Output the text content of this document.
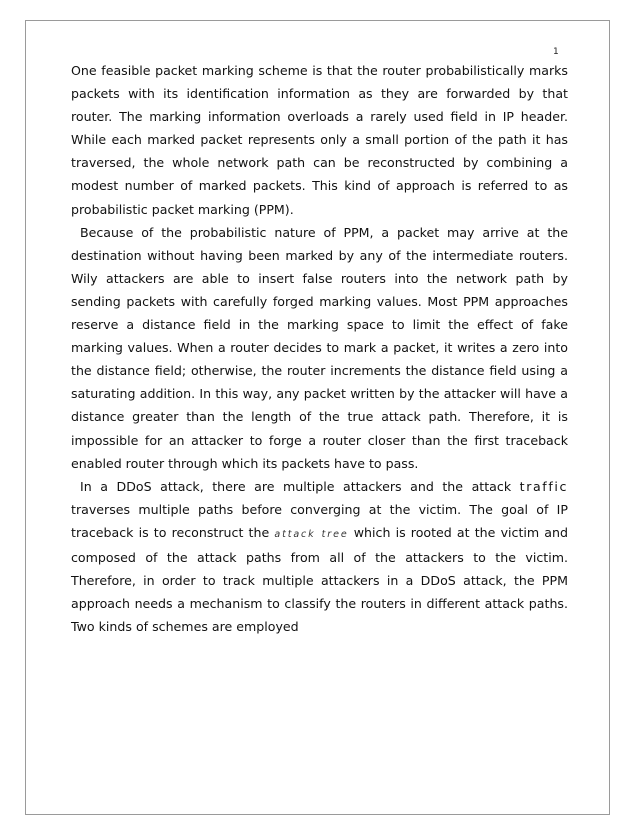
1

One feasible packet marking scheme is that the router probabilistically marks packets with its identification information as they are forwarded by that router. The marking information overloads a rarely used field in IP header. While each marked packet represents only a small portion of the path it has traversed, the whole network path can be reconstructed by combining a modest number of marked packets. This kind of approach is referred to as probabilistic packet marking (PPM).

Because of the probabilistic nature of PPM, a packet may arrive at the destination without having been marked by any of the intermediate routers. Wily attackers are able to insert false routers into the network path by sending packets with carefully forged marking values. Most PPM approaches reserve a distance field in the marking space to limit the effect of fake marking values. When a router decides to mark a packet, it writes a zero into the distance field; otherwise, the router increments the distance field using a saturating addition. In this way, any packet written by the attacker will have a distance greater than the length of the true attack path. Therefore, it is impossible for an attacker to forge a router closer than the first traceback enabled router through which its packets have to pass.

In a DDoS attack, there are multiple attackers and the attack traffic traverses multiple paths before converging at the victim. The goal of IP traceback is to reconstruct the attack tree which is rooted at the victim and composed of the attack paths from all of the attackers to the victim. Therefore, in order to track multiple attackers in a DDoS attack, the PPM approach needs a mechanism to classify the routers in different attack paths. Two kinds of schemes are employed
